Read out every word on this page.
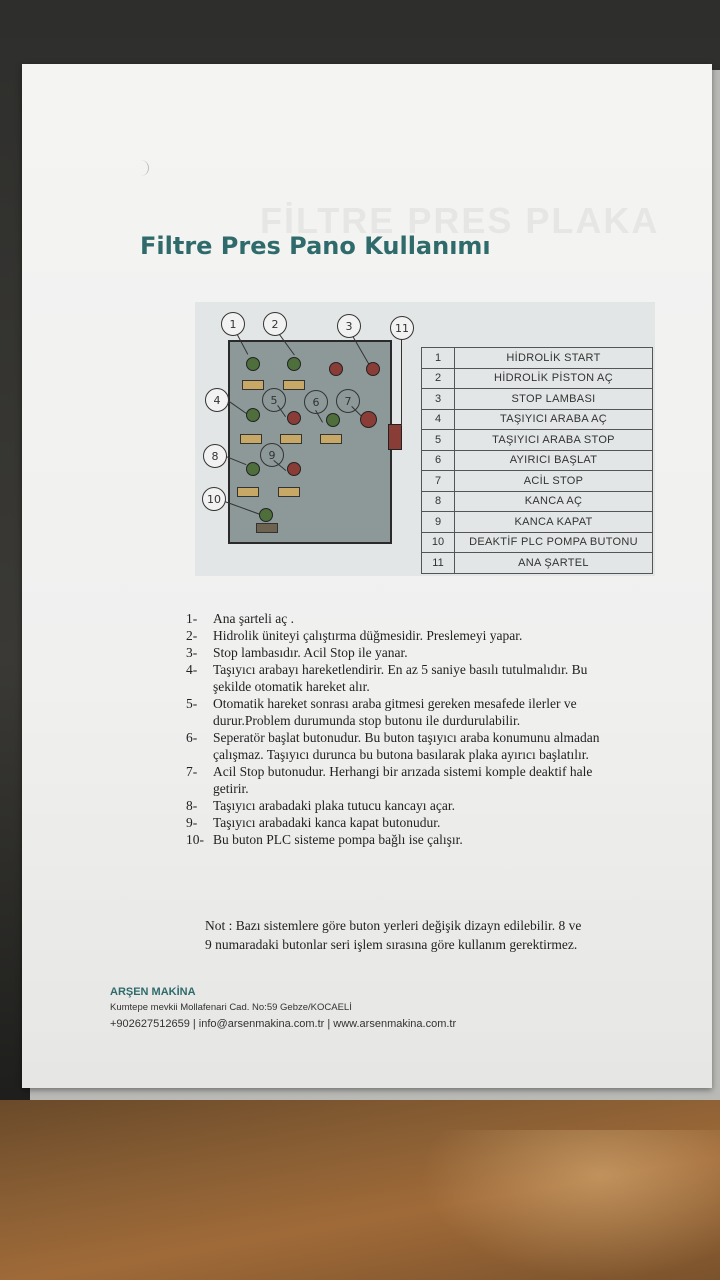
FİLTRE PRES PLAKA
Filtre Pres Pano Kullanımı
1	2	3	11
4	5	6	7
8	9
10
1	HİDROLİK START
2	HİDROLİK PİSTON AÇ
3	STOP LAMBASI
4	TAŞIYICI ARABA AÇ
5	TAŞIYICI ARABA STOP
6	AYIRICI BAŞLAT
7	ACİL STOP
8	KANCA AÇ
9	KANCA KAPAT
10	DEAKTİF PLC POMPA BUTONU
11	ANA ŞARTEL
1-	Ana şarteli aç .
2-	Hidrolik üniteyi çalıştırma düğmesidir. Preslemeyi yapar.
3-	Stop lambasıdır. Acil Stop ile yanar.
4-	Taşıyıcı arabayı hareketlendirir. En az 5 saniye basılı tutulmalıdır. Bu şekilde otomatik hareket alır.
5-	Otomatik hareket sonrası araba gitmesi gereken mesafede ilerler ve durur.Problem durumunda stop butonu ile durdurulabilir.
6-	Seperatör başlat butonudur. Bu buton taşıyıcı araba konumunu almadan çalışmaz. Taşıyıcı durunca bu butona basılarak plaka ayırıcı başlatılır.
7-	Acil Stop butonudur. Herhangi bir arızada sistemi komple deaktif hale getirir.
8-	Taşıyıcı arabadaki plaka tutucu kancayı açar.
9-	Taşıyıcı arabadaki kanca kapat butonudur.
10- Bu buton PLC sisteme pompa bağlı ise çalışır.
Not : Bazı sistemlere göre buton yerleri değişik dizayn edilebilir. 8 ve 9 numaradaki butonlar seri işlem sırasına göre kullanım gerektirmez.
ARŞEN MAKİNA
Kumtepe mevkii Mollafenari Cad. No:59 Gebze/KOCAELİ
+902627512659 | info@arsenmakina.com.tr | www.arsenmakina.com.tr
